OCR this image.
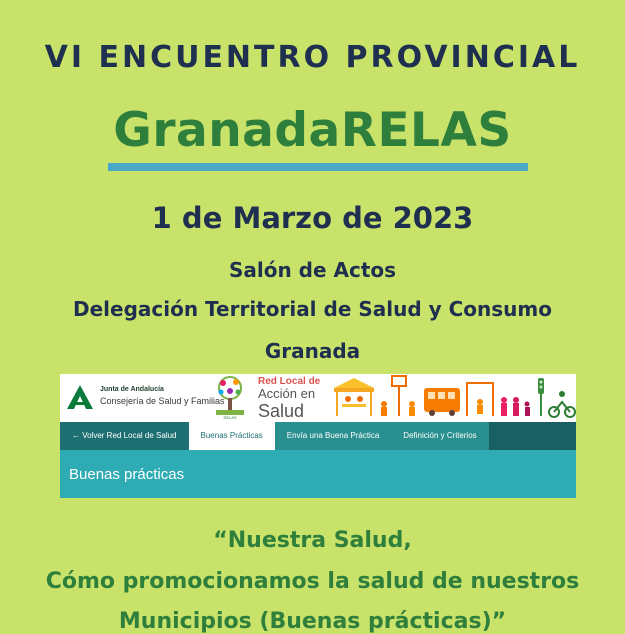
VI ENCUENTRO PROVINCIAL
GranadaRELAS
1 de Marzo de 2023
Salón de Actos
Delegación Territorial de Salud y Consumo
Granada
Junta de Andalucía
Consejería de Salud y Familias
RELAS
Red Local de
Acción en
Salud
← Volver Red Local de Salud	Buenas Prácticas	Envía una Buena Práctica	Definición y Criterios
Buenas prácticas
“Nuestra Salud,
Cómo promocionamos la salud de nuestros
Municipios (Buenas prácticas)”
